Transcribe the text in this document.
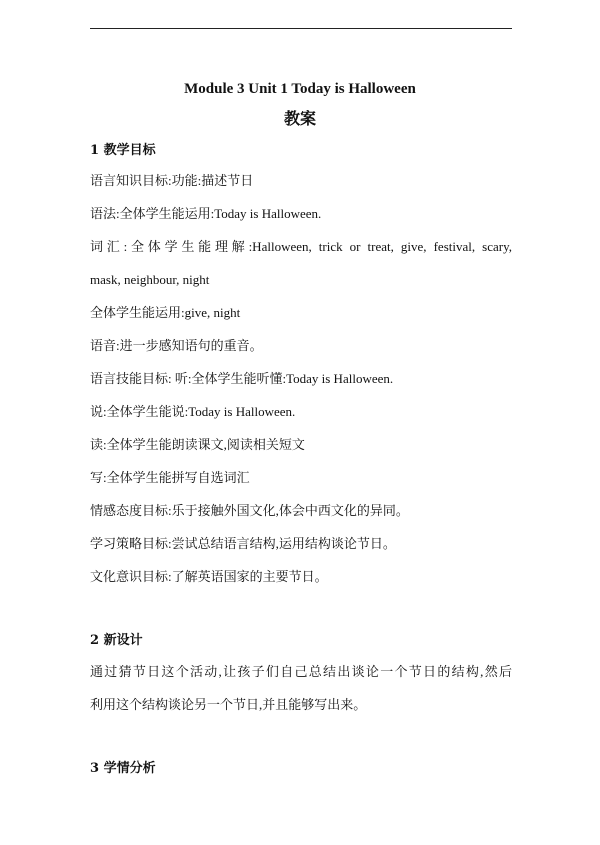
Module 3 Unit 1 Today is Halloween
教案

1 教学目标

语言知识目标:功能:描述节日

语法:全体学生能运用:Today is Halloween.

词汇:全体学生能理解:Halloween, trick or treat, give, festival, scary,

mask, neighbour, night

全体学生能运用:give, night

语音:进一步感知语句的重音。

语言技能目标: 听:全体学生能听懂:Today is Halloween.

说:全体学生能说:Today is Halloween.

读:全体学生能朗读课文,阅读相关短文

写:全体学生能拼写自选词汇

情感态度目标:乐于接触外国文化,体会中西文化的异同。

学习策略目标:尝试总结语言结构,运用结构谈论节日。

文化意识目标:了解英语国家的主要节日。

2 新设计

通过猜节日这个活动,让孩子们自己总结出谈论一个节日的结构,然后

利用这个结构谈论另一个节日,并且能够写出来。

3 学情分析
